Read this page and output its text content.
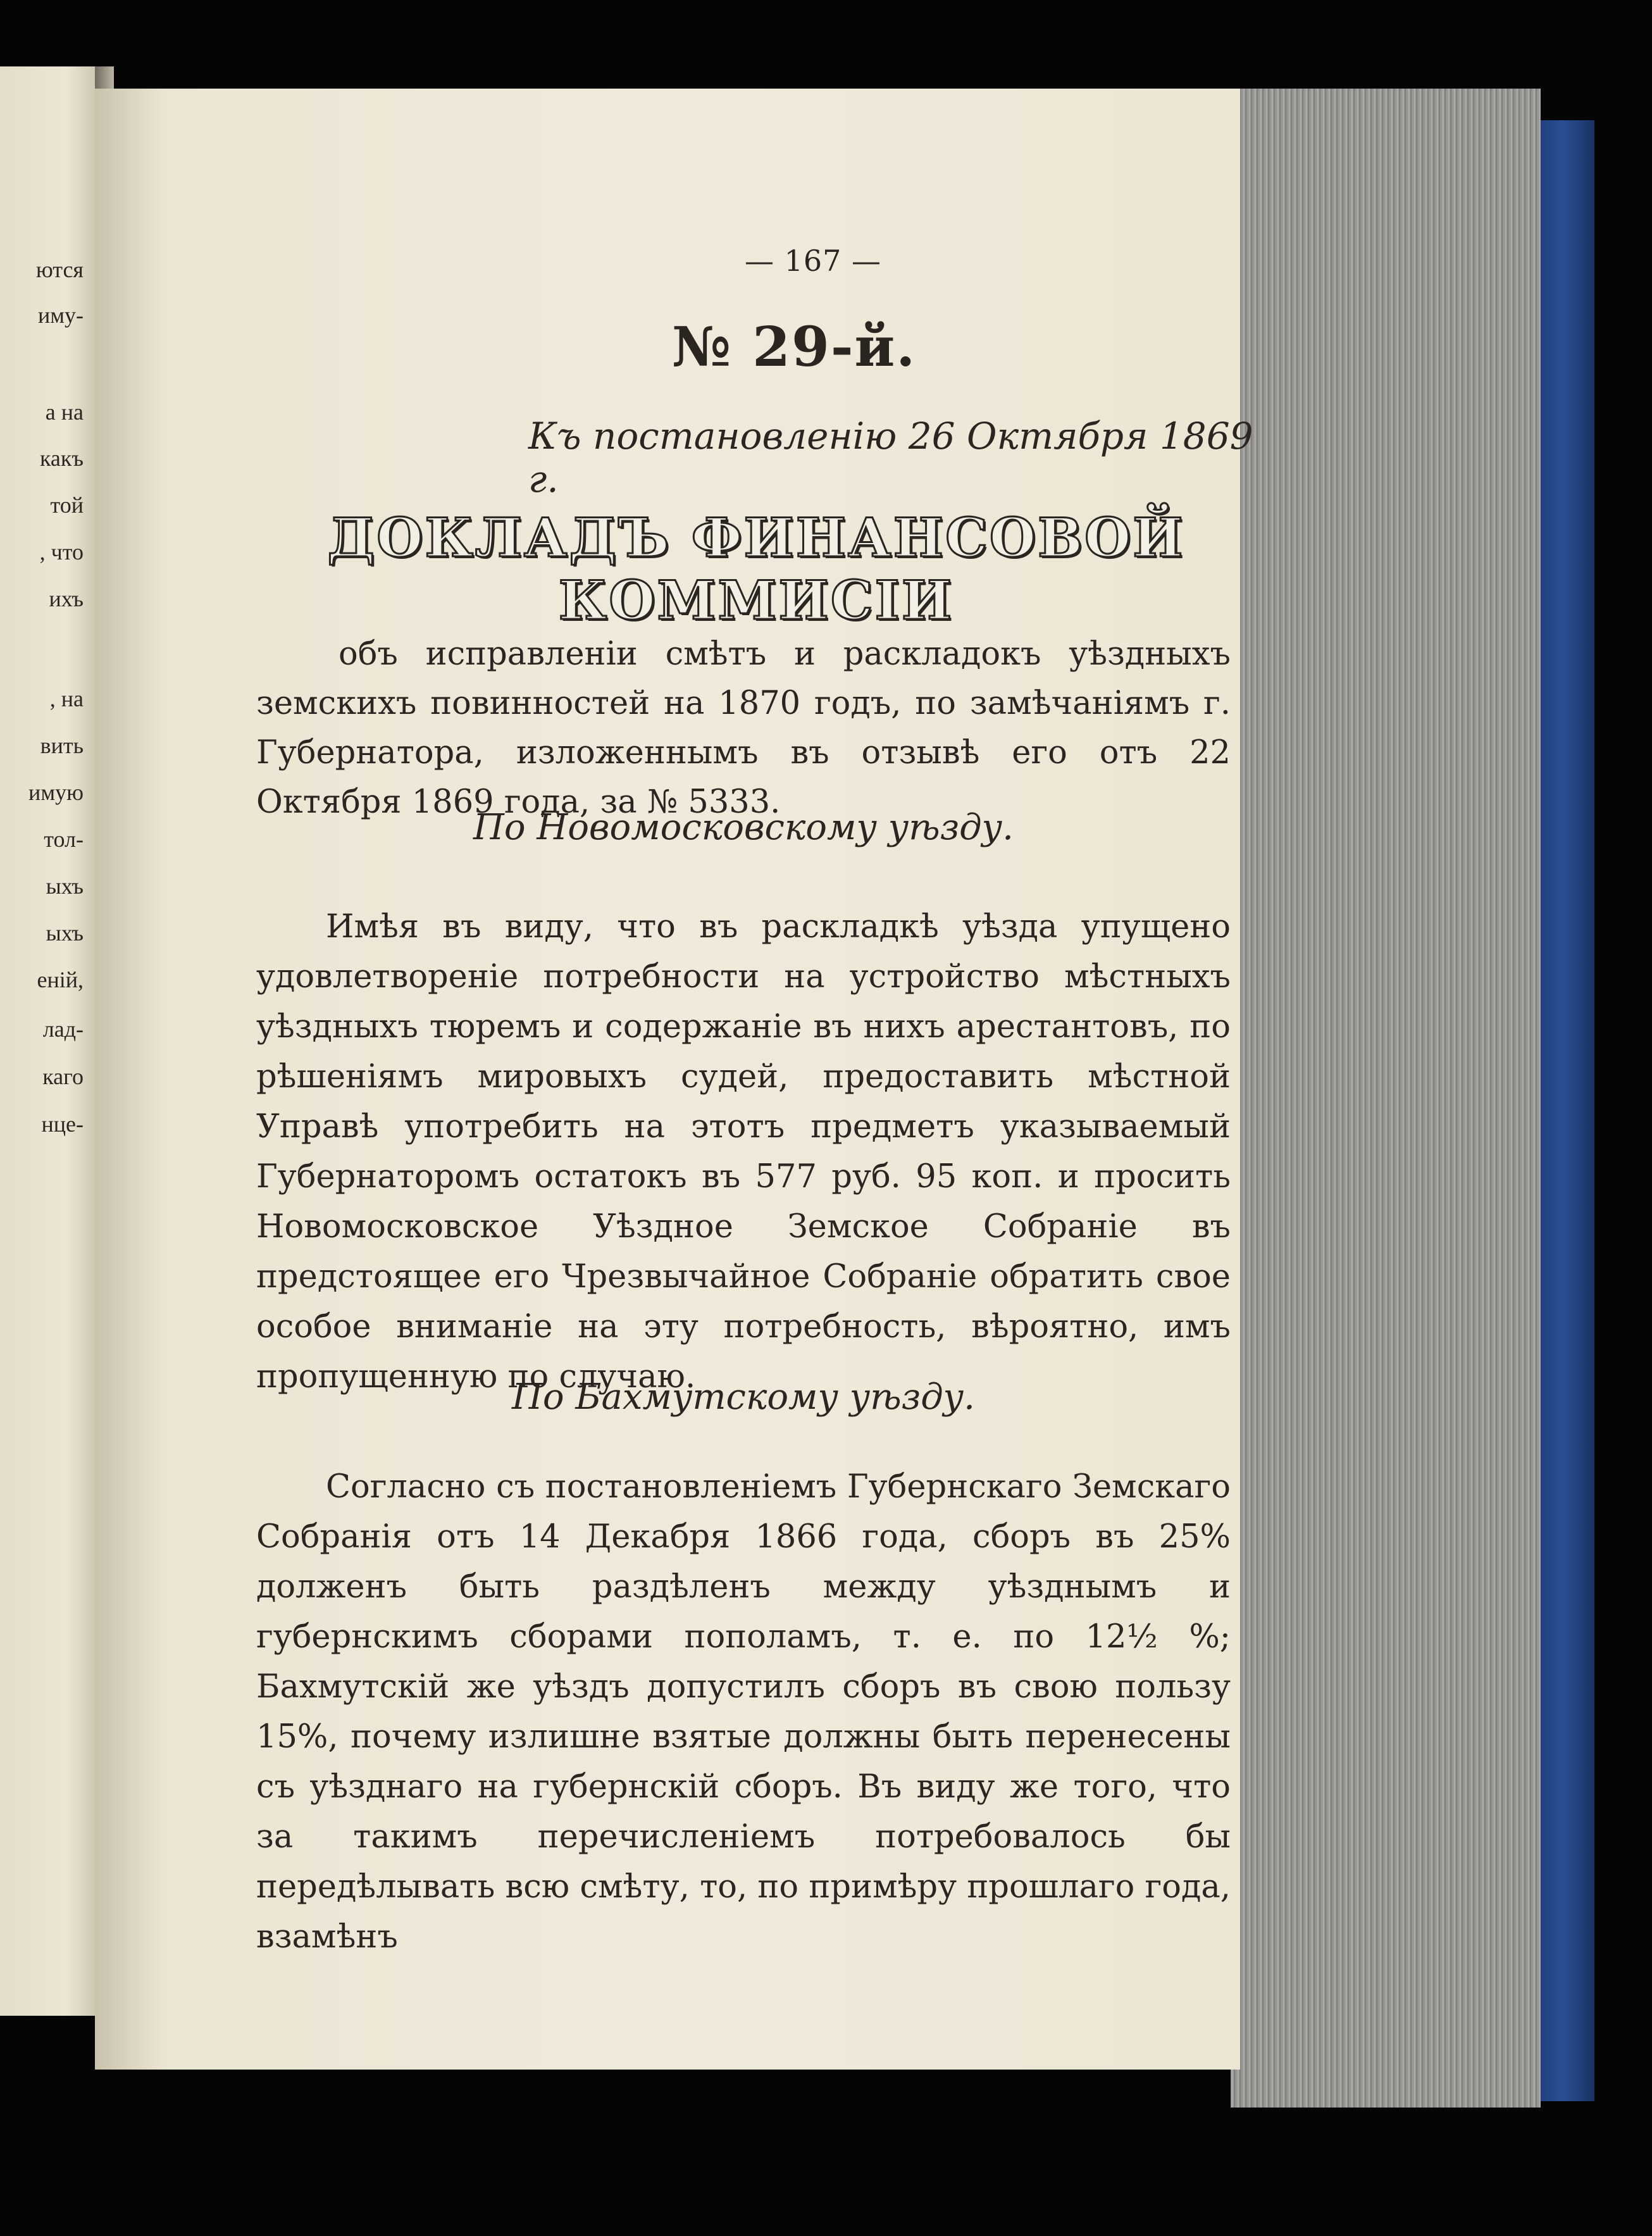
ются
иму-
а на
какъ
той
, что
ихъ
, на
вить
имую
тол-
ыхъ
ыхъ
еній,
лад-
каго
нце-
— 167 —
№ 29-й.
Къ постановленію 26 Октября 1869 г.
ДОКЛАДЪ ФИНАНСОВОЙ КОММИСІИ
объ исправленіи смѣтъ и раскладокъ уѣздныхъ земскихъ повинностей на 1870 годъ, по замѣчаніямъ г. Губернатора, изложеннымъ въ отзывѣ его отъ 22 Октября 1869 года, за № 5333.
По Новомосковскому уѣзду.
Имѣя въ виду, что въ раскладкѣ уѣзда упущено удовлетвореніе потребности на устройство мѣстныхъ уѣздныхъ тюремъ и содержаніе въ нихъ арестантовъ, по рѣшеніямъ мировыхъ судей, предоставить мѣстной Управѣ употребить на этотъ предметъ указываемый Губернаторомъ остатокъ въ 577 руб. 95 коп. и просить Новомосковское Уѣздное Земское Собраніе въ предстоящее его Чрезвычайное Собраніе обратить свое особое вниманіе на эту потребность, вѣроятно, имъ пропущенную по случаю.
По Бахмутскому уѣзду.
Согласно съ постановленіемъ Губернскаго Земскаго Собранія отъ 14 Декабря 1866 года, сборъ въ 25% долженъ быть раздѣленъ между уѣзднымъ и губернскимъ сборами пополамъ, т. е. по 12½ %; Бахмутскій же уѣздъ допустилъ сборъ въ свою пользу 15%, почему излишне взятые должны быть перенесены съ уѣзднаго на губернскій сборъ. Въ виду же того, что за такимъ перечисленіемъ потребовалось бы передѣлывать всю смѣту, то, по примѣру прошлаго года, взамѣнъ
